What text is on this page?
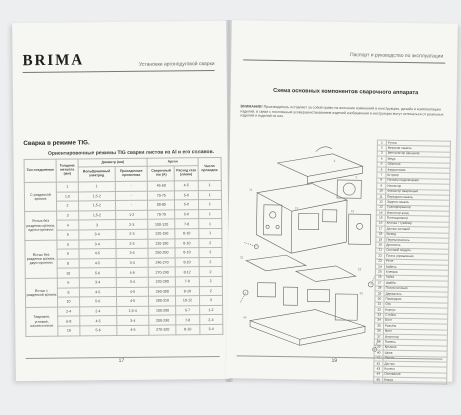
BRIMA	Установки аргонодуговой сварки
Сварка в режиме TIG.
Ориентировочные режимы TIG сварки листов из Al и его сплавов.
Тип соединения	Толщина металла (мм)	Диаметр (мм)		Аргон		Число проходов
		Вольфрамовый электрод	Присадочная проволока	Сварочный ток (А)	Расход газа (л/мин)	
С разделкой кромок	1	1	-	45-60	4-5	1
	1,5	1,5-2	-	70-75	5-6	1
	2	1,5-2	-	80-85	5-6	1
Встык без разделки кромок, односторонняя	3	1,5-2	1-2	70-75	5-6	1
	4	3	2-3	100-120	7-8	1
	5	3-4	2-3	120-150	8-10	1
Встык без разделки кромок, двусторонняя	5	3-4	2-3	120-180	8-10	2
	6	4-5	3-4	250-250	8-10	2
	8	4-5	3-4	240-270	8-10	2
	10	5-6	4-5	270-290	8-12	2
Встык с разделкой кромок	6	3-4	3-4	220-280	7-8	2
	8	4-5	4-5	260-300	8-10	2
	10	5-6	4-5	280-310	10-12	3
Тавровое, угловое, нахлесточное	2-4	2-4	1,5-4	100-200	5-7	1-2
	6-8	4-5	3-4	200-290	7-8	2-4
	10	5-6	4-5	270-320	8-10	3-4
17
Паспорт и руководство по эксплуатации
Схема основных компонентов сварочного аппарата
ВНИМАНИЕ! Производитель оставляет за собой право на внесение изменений в конструкцию, дизайн и комплектацию изделий, в связи с постоянным усовершенствованием изделий изображения в инструкции могут отличаться от реальных изделий и изделий из них.
2
3
11
12
13
21
22
44
32
1	Ручка
2	Верхняя панель
3	Вентилятор (крышка)
4	Медь
5	Обмотка
6	Ферритовая
7	Штуцер
8	Разъём подключения
9	Изолятор
10	Фиксатор сварочный
11	Передняя панель
12	Задняя панель
13	Трансформатор
14	Изолятор вход
15	Потенциометр
16	Кнопка / тумблер
17	Датчик силовой
18	Вывод
19	Переключатель
20	Дроссель
21	Силовой модуль
22	Плата управления
23	Реле
24	Кабель
25	Клемма
26	Гайка
27	Шайба
28	Плата питания
29	Держатель
30	Проводник
31	Ось
32	Корпус
33	Стойка
34	Болт
35	Разъём
36	Винт
37	Изолятор
38	Панель
39	Крышка
40	Шкив
41	Лампа
42	Датчик
43	Колесо
44	Основание
45	Кожух
19
